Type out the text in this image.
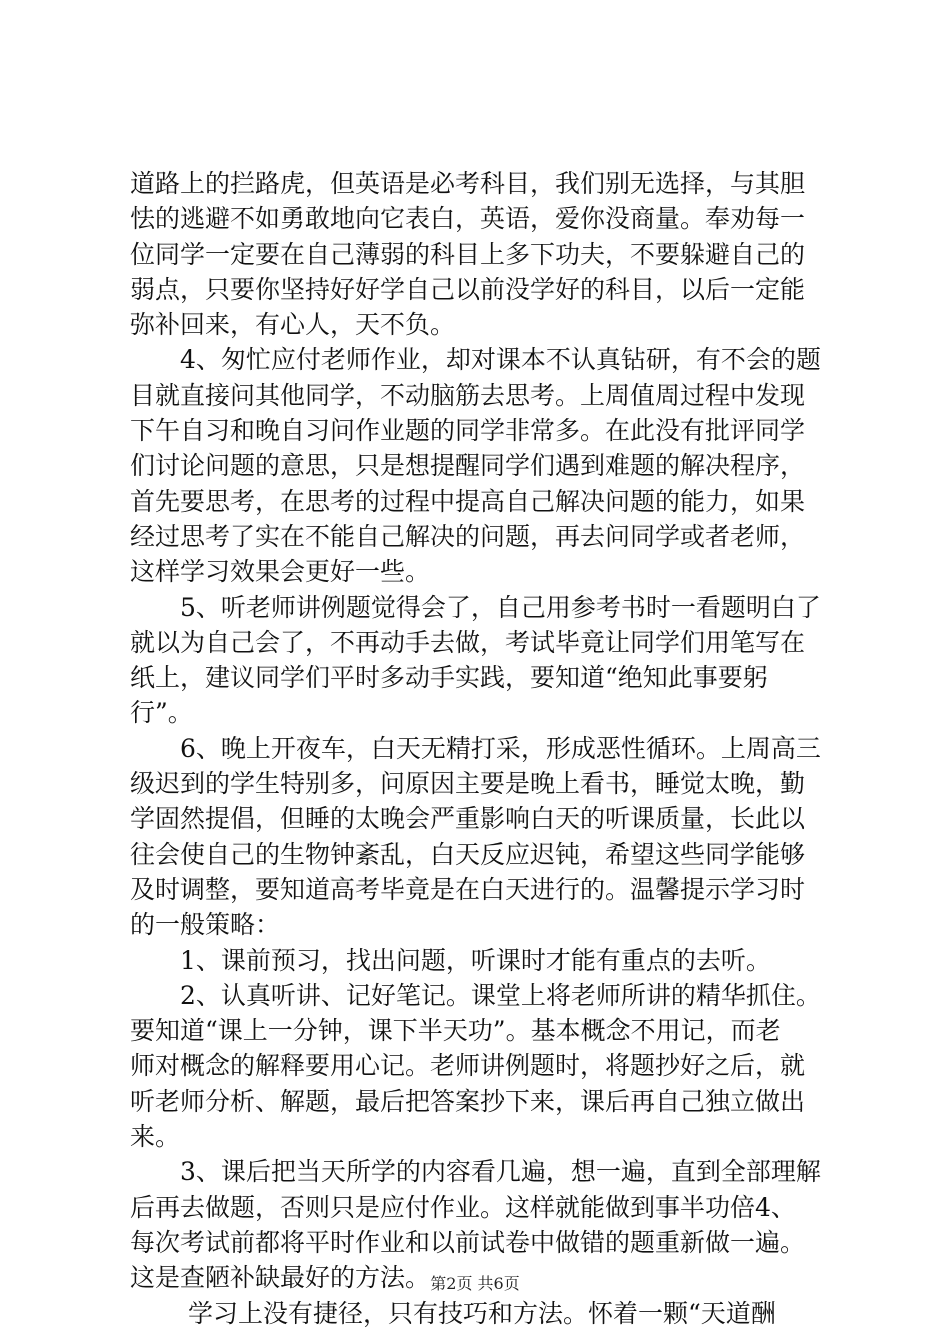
道路上的拦路虎，但英语是必考科目，我们别无选择，与其胆
怯的逃避不如勇敢地向它表白，英语，爱你没商量。奉劝每一
位同学一定要在自己薄弱的科目上多下功夫，不要躲避自己的
弱点，只要你坚持好好学自己以前没学好的科目，以后一定能
弥补回来，有心人，天不负。
　　4、匆忙应付老师作业，却对课本不认真钻研，有不会的题
目就直接问其他同学，不动脑筋去思考。上周值周过程中发现
下午自习和晚自习问作业题的同学非常多。在此没有批评同学
们讨论问题的意思，只是想提醒同学们遇到难题的解决程序，
首先要思考，在思考的过程中提高自己解决问题的能力，如果
经过思考了实在不能自己解决的问题，再去问同学或者老师，
这样学习效果会更好一些。
　　5、听老师讲例题觉得会了，自己用参考书时一看题明白了
就以为自己会了，不再动手去做，考试毕竟让同学们用笔写在
纸上，建议同学们平时多动手实践，要知道“绝知此事要躬
行”。
　　6、晚上开夜车，白天无精打采，形成恶性循环。上周高三
级迟到的学生特别多，问原因主要是晚上看书，睡觉太晚，勤
学固然提倡，但睡的太晚会严重影响白天的听课质量，长此以
往会使自己的生物钟紊乱，白天反应迟钝，希望这些同学能够
及时调整，要知道高考毕竟是在白天进行的。温馨提示学习时
的一般策略：
　　1、课前预习，找出问题，听课时才能有重点的去听。
　　2、认真听讲、记好笔记。课堂上将老师所讲的精华抓住。
要知道“课上一分钟，课下半天功”。基本概念不用记，而老
师对概念的解释要用心记。老师讲例题时，将题抄好之后，就
听老师分析、解题，最后把答案抄下来，课后再自己独立做出
来。
　　3、课后把当天所学的内容看几遍，想一遍，直到全部理解
后再去做题，否则只是应付作业。这样就能做到事半功倍4、
每次考试前都将平时作业和以前试卷中做错的题重新做一遍。
这是查陋补缺最好的方法。
　　 学习上没有捷径，只有技巧和方法。怀着一颗“天道酬
第2页 共6页
